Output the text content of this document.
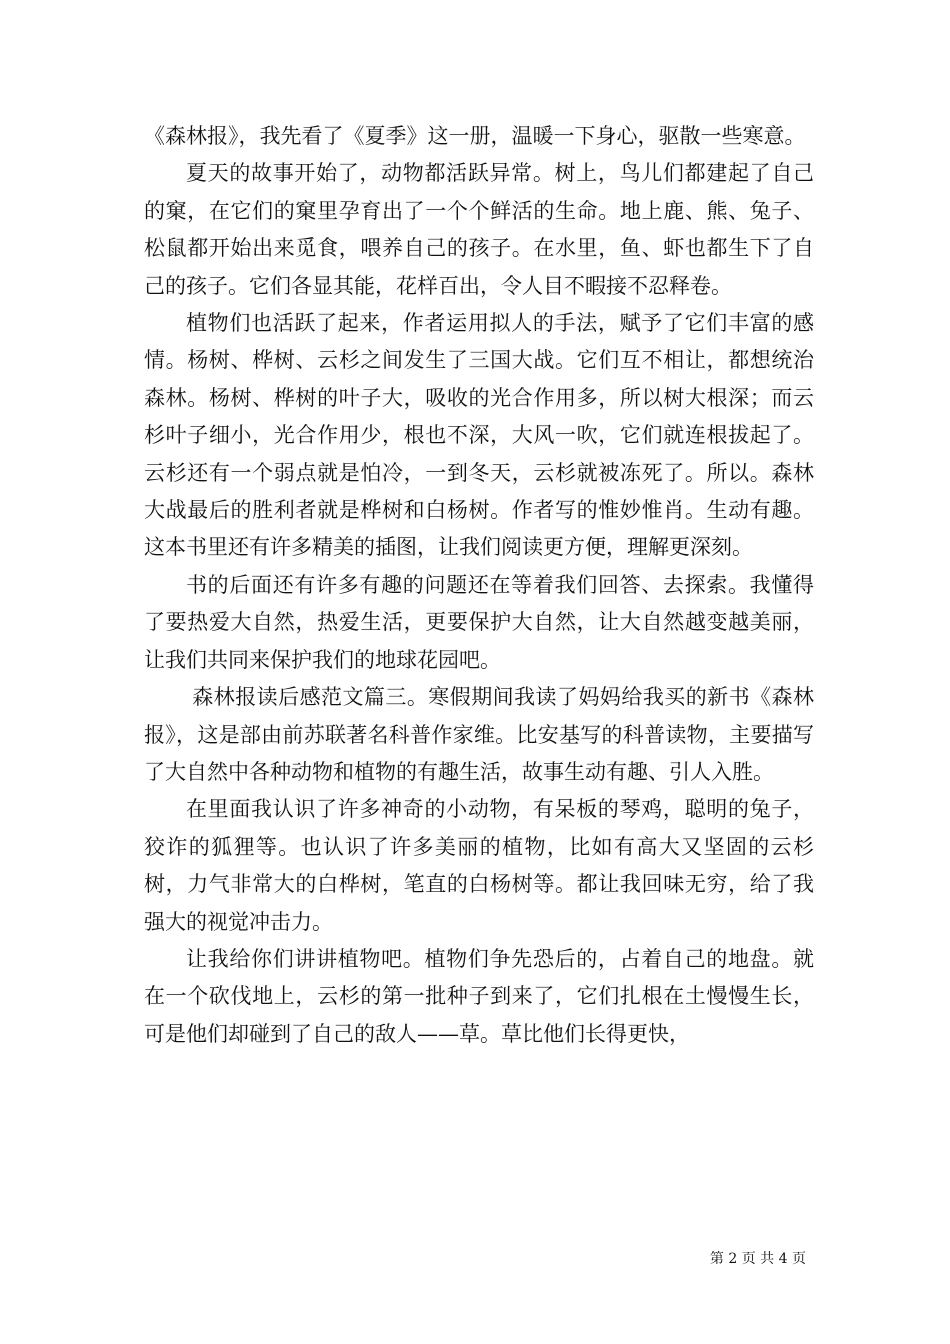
《森林报》，我先看了《夏季》这一册，温暖一下身心，驱散一些寒意。

夏天的故事开始了，动物都活跃异常。树上，鸟儿们都建起了自己的窠，在它们的窠里孕育出了一个个鲜活的生命。地上鹿、熊、兔子、松鼠都开始出来觅食，喂养自己的孩子。在水里，鱼、虾也都生下了自己的孩子。它们各显其能，花样百出，令人目不暇接不忍释卷。

植物们也活跃了起来，作者运用拟人的手法，赋予了它们丰富的感情。杨树、桦树、云杉之间发生了三国大战。它们互不相让，都想统治森林。杨树、桦树的叶子大，吸收的光合作用多，所以树大根深；而云杉叶子细小，光合作用少，根也不深，大风一吹，它们就连根拔起了。云杉还有一个弱点就是怕冷，一到冬天，云杉就被冻死了。所以。森林大战最后的胜利者就是桦树和白杨树。作者写的惟妙惟肖。生动有趣。这本书里还有许多精美的插图，让我们阅读更方便，理解更深刻。

书的后面还有许多有趣的问题还在等着我们回答、去探索。我懂得了要热爱大自然，热爱生活，更要保护大自然，让大自然越变越美丽，让我们共同来保护我们的地球花园吧。

森林报读后感范文篇三。寒假期间我读了妈妈给我买的新书《森林报》，这是部由前苏联著名科普作家维。比安基写的科普读物，主要描写了大自然中各种动物和植物的有趣生活，故事生动有趣、引人入胜。

在里面我认识了许多神奇的小动物，有呆板的琴鸡，聪明的兔子，狡诈的狐狸等。也认识了许多美丽的植物，比如有高大又坚固的云杉树，力气非常大的白桦树，笔直的白杨树等。都让我回味无穷，给了我强大的视觉冲击力。

让我给你们讲讲植物吧。植物们争先恐后的，占着自己的地盘。就在一个砍伐地上，云杉的第一批种子到来了，它们扎根在土慢慢生长，可是他们却碰到了自己的敌人——草。草比他们长得更快，

第 2 页 共 4 页
